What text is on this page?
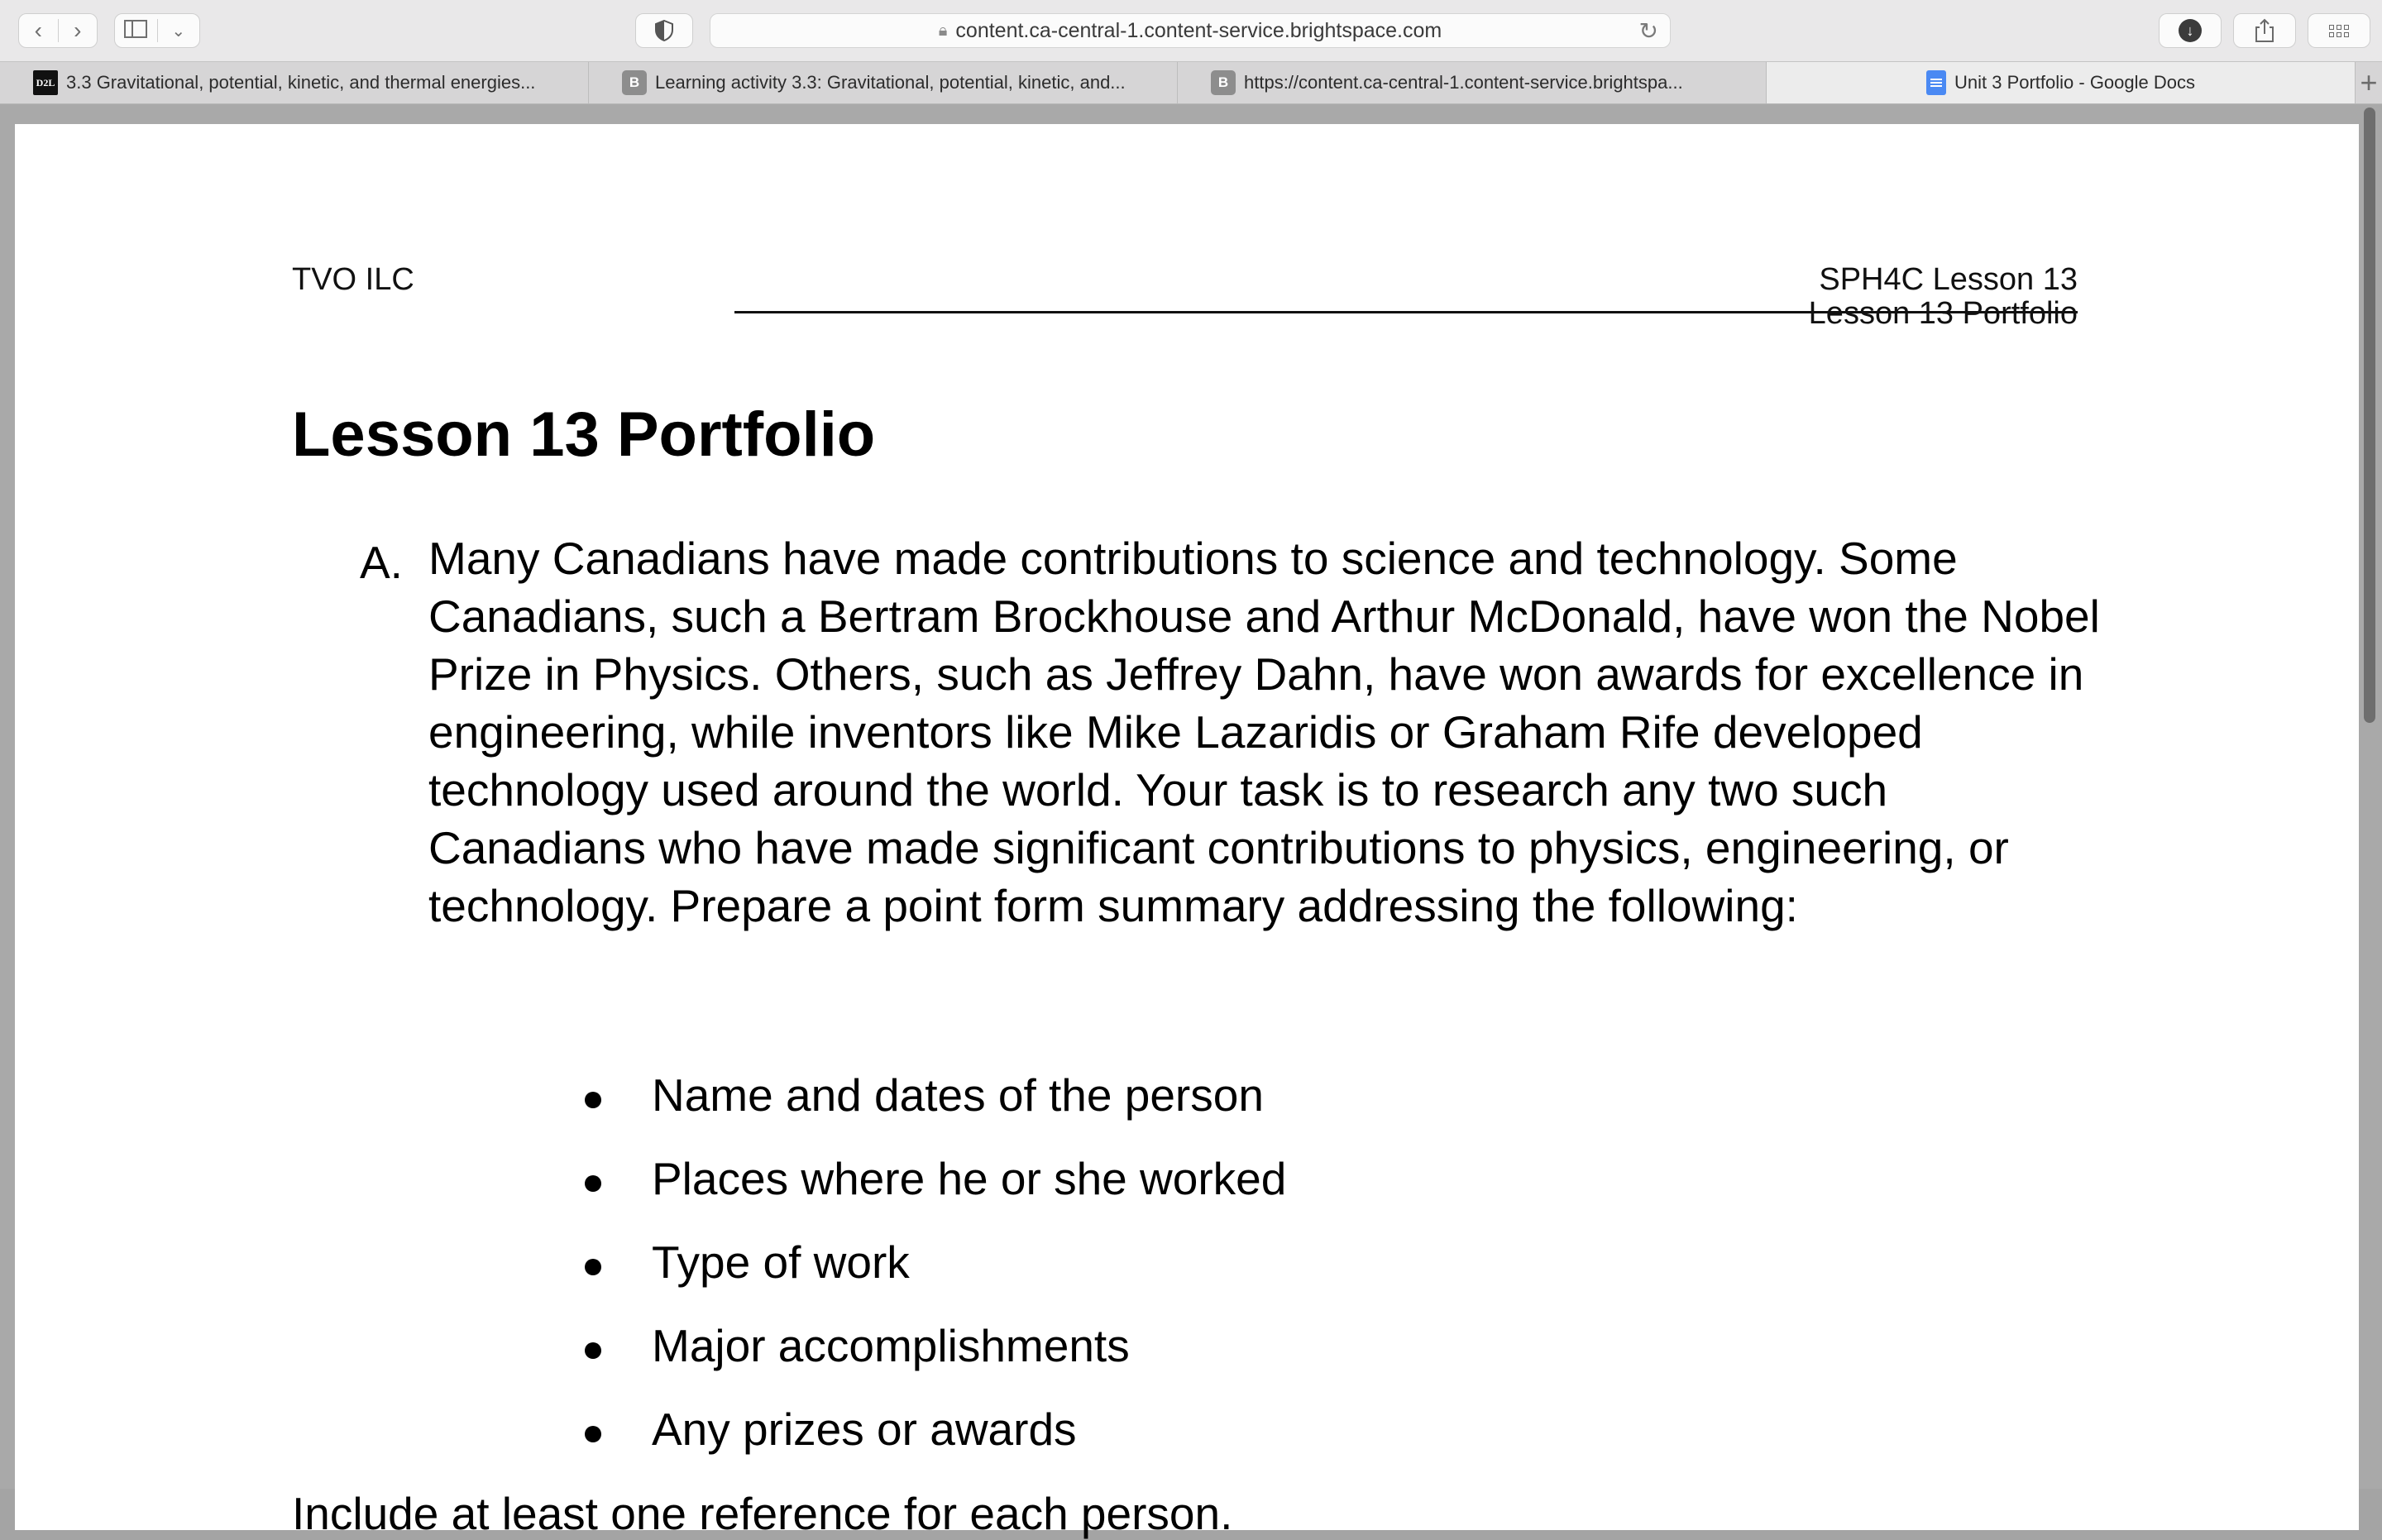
‹	›	⌄	🔒︎ content.ca-central-1.content-service.brightspace.com	↻	↓
D2L 3.3 Gravitational, potential, kinetic, and thermal energies...	B Learning activity 3.3: Gravitational, potential, kinetic, and...	B https://content.ca-central-1.content-service.brightspa...	Unit 3 Portfolio - Google Docs	+
TVO ILC	SPH4C Lesson 13
Lesson 13 Portfolio
Lesson 13 Portfolio
A. Many Canadians have made contributions to science and technology. Some Canadians, such a Bertram Brockhouse and Arthur McDonald, have won the Nobel Prize in Physics. Others, such as Jeffrey Dahn, have won awards for excellence in engineering, while inventors like Mike Lazaridis or Graham Rife developed technology used around the world. Your task is to research any two such Canadians who have made significant contributions to physics, engineering, or technology. Prepare a point form summary addressing the following:

Name and dates of the person
Places where he or she worked
Type of work
Major accomplishments
Any prizes or awards

Include at least one reference for each person.
